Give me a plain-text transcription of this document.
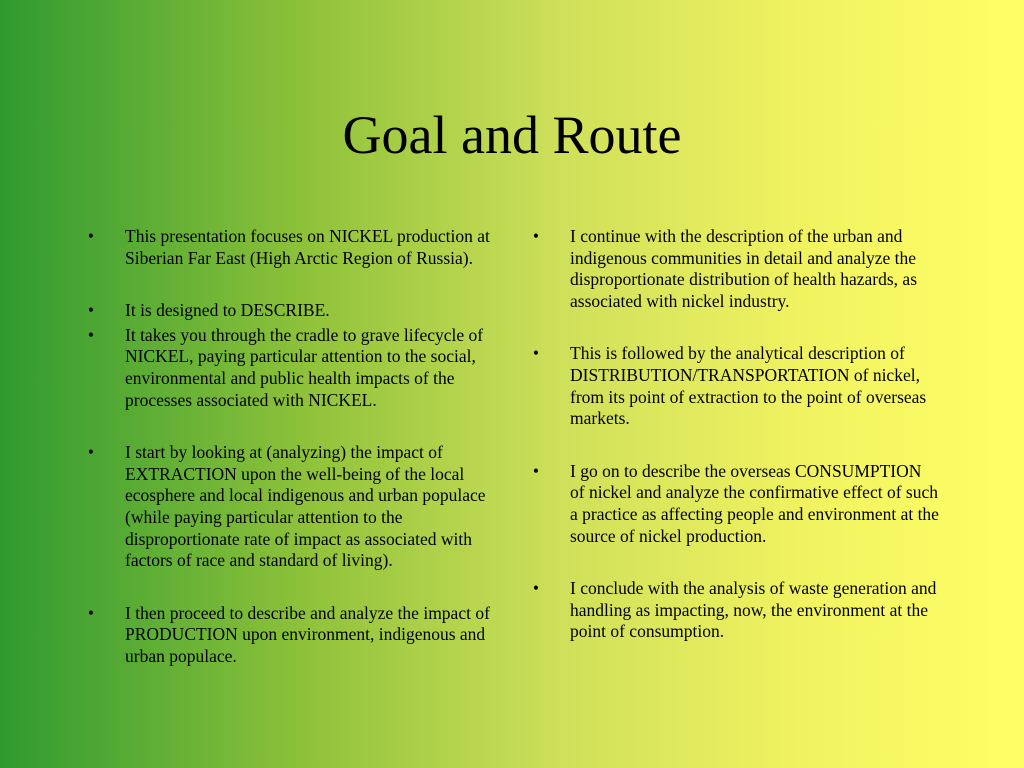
Goal and Route
• This presentation focuses on NICKEL production at Siberian Far East (High Arctic Region of Russia).
• It is designed to DESCRIBE.
• It takes you through the cradle to grave lifecycle of NICKEL, paying particular attention to the social, environmental and public health impacts of the processes associated with NICKEL.
• I start by looking at (analyzing) the impact of EXTRACTION upon the well-being of the local ecosphere and local indigenous and urban populace (while paying particular attention to the disproportionate rate of impact as associated with factors of race and standard of living).
• I then proceed to describe and analyze the impact of PRODUCTION upon environment, indigenous and urban populace.
• I continue with the description of the urban and indigenous communities in detail and analyze the disproportionate distribution of health hazards, as associated with nickel industry.
• This is followed by the analytical description of DISTRIBUTION/TRANSPORTATION of nickel, from its point of extraction to the point of overseas markets.
• I go on to describe the overseas CONSUMPTION of nickel and analyze the confirmative effect of such a practice as affecting people and environment at the source of nickel production.
• I conclude with the analysis of waste generation and handling as impacting, now, the environment at the point of consumption.
